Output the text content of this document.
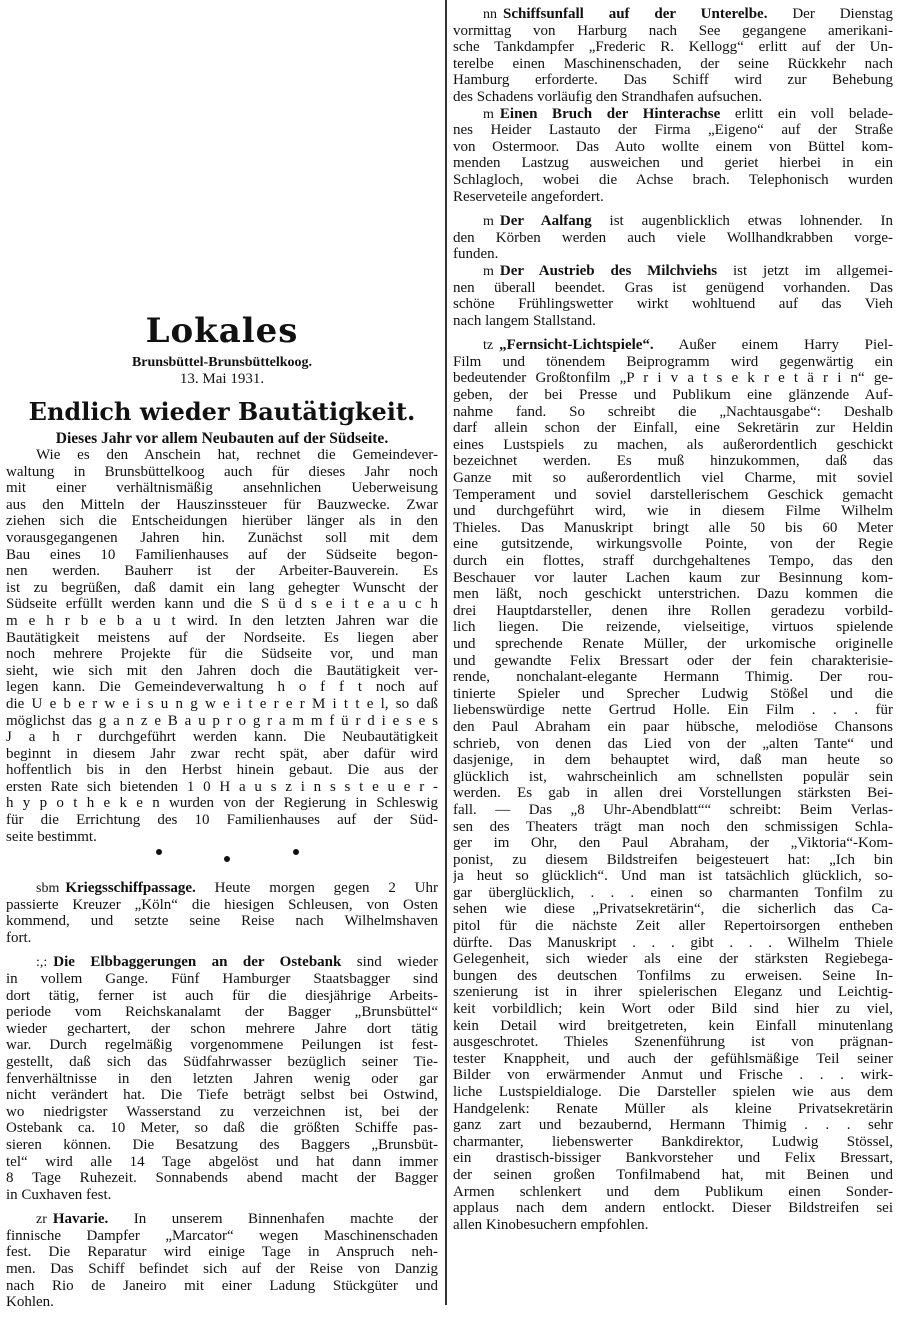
Lokales
Brunsbüttel-Brunsbüttelkoog.
13. Mai 1931.
Endlich wieder Bautätigkeit.
Dieses Jahr vor allem Neubauten auf der Südseite.
Wie es den Anschein hat, rechnet die Gemeindever-
waltung in Brunsbüttelkoog auch für dieses Jahr noch
mit einer verhältnismäßig ansehnlichen Ueberweisung
aus den Mitteln der Hauszinssteuer für Bauzwecke. Zwar
ziehen sich die Entscheidungen hierüber länger als in den
vorausgegangenen Jahren hin. Zunächst soll mit dem
Bau eines 10 Familienhauses auf der Südseite begon-
nen werden. Bauherr ist der Arbeiter-Bauverein. Es
ist zu begrüßen, daß damit ein lang gehegter Wunscht der
Südseite erfüllt werden kann und die S ü d s e i t e a u c h
m e h r b e b a u t wird. In den letzten Jahren war die
Bautätigkeit meistens auf der Nordseite. Es liegen aber
noch mehrere Projekte für die Südseite vor, und man
sieht, wie sich mit den Jahren doch die Bautätigkeit ver-
legen kann. Die Gemeindeverwaltung h o f f t noch auf
die U e b e r w e i s u n g w e i t e r e r M i t t e l, so daß
möglichst das g a n z e B a u p r o g r a m m f ü r d i e s e s
J a h r durchgeführt werden kann. Die Neubautätigkeit
beginnt in diesem Jahr zwar recht spät, aber dafür wird
hoffentlich bis in den Herbst hinein gebaut. Die aus der
ersten Rate sich bietenden 1 0 H a u s z i n s s t e u e r -
h y p o t h e k e n wurden von der Regierung in Schleswig
für die Errichtung des 10 Familienhauses auf der Süd-
seite bestimmt.
sbm Kriegsschiffpassage. Heute morgen gegen 2 Uhr
passierte Kreuzer „Köln“ die hiesigen Schleusen, von Osten
kommend, und setzte seine Reise nach Wilhelmshaven
fort.
:,: Die Elbbaggerungen an der Ostebank sind wieder
in vollem Gange. Fünf Hamburger Staatsbagger sind
dort tätig, ferner ist auch für die diesjährige Arbeits-
periode vom Reichskanalamt der Bagger „Brunsbüttel“
wieder gechartert, der schon mehrere Jahre dort tätig
war. Durch regelmäßig vorgenommene Peilungen ist fest-
gestellt, daß sich das Südfahrwasser bezüglich seiner Tie-
fenverhältnisse in den letzten Jahren wenig oder gar
nicht verändert hat. Die Tiefe beträgt selbst bei Ostwind,
wo niedrigster Wasserstand zu verzeichnen ist, bei der
Ostebank ca. 10 Meter, so daß die größten Schiffe pas-
sieren können. Die Besatzung des Baggers „Brunsbüt-
tel“ wird alle 14 Tage abgelöst und hat dann immer
8 Tage Ruhezeit. Sonnabends abend macht der Bagger
in Cuxhaven fest.
zr Havarie. In unserem Binnenhafen machte der
finnische Dampfer „Marcator“ wegen Maschinenschaden
fest. Die Reparatur wird einige Tage in Anspruch neh-
men. Das Schiff befindet sich auf der Reise von Danzig
nach Rio de Janeiro mit einer Ladung Stückgüter und
Kohlen.
nn Schiffsunfall auf der Unterelbe. Der Dienstag
vormittag von Harburg nach See gegangene amerikani-
sche Tankdampfer „Frederic R. Kellogg“ erlitt auf der Un-
terelbe einen Maschinenschaden, der seine Rückkehr nach
Hamburg erforderte. Das Schiff wird zur Behebung
des Schadens vorläufig den Strandhafen aufsuchen.
m Einen Bruch der Hinterachse erlitt ein voll belade-
nes Heider Lastauto der Firma „Eigeno“ auf der Straße
von Ostermoor. Das Auto wollte einem von Büttel kom-
menden Lastzug ausweichen und geriet hierbei in ein
Schlagloch, wobei die Achse brach. Telephonisch wurden
Reserveteile angefordert.
m Der Aalfang ist augenblicklich etwas lohnender. In
den Körben werden auch viele Wollhandkrabben vorge-
funden.
m Der Austrieb des Milchviehs ist jetzt im allgemei-
nen überall beendet. Gras ist genügend vorhanden. Das
schöne Frühlingswetter wirkt wohltuend auf das Vieh
nach langem Stallstand.
tz „Fernsicht-Lichtspiele“. Außer einem Harry Piel-
Film und tönendem Beiprogramm wird gegenwärtig ein
bedeutender Großtonfilm „P r i v a t s e k r e t ä r i n“ ge-
geben, der bei Presse und Publikum eine glänzende Auf-
nahme fand. So schreibt die „Nachtausgabe“: Deshalb
darf allein schon der Einfall, eine Sekretärin zur Heldin
eines Lustspiels zu machen, als außerordentlich geschickt
bezeichnet werden. Es muß hinzukommen, daß das
Ganze mit so außerordentlich viel Charme, mit soviel
Temperament und soviel darstellerischem Geschick gemacht
und durchgeführt wird, wie in diesem Filme Wilhelm
Thieles. Das Manuskript bringt alle 50 bis 60 Meter
eine gutsitzende, wirkungsvolle Pointe, von der Regie
durch ein flottes, straff durchgehaltenes Tempo, das den
Beschauer vor lauter Lachen kaum zur Besinnung kom-
men läßt, noch geschickt unterstrichen. Dazu kommen die
drei Hauptdarsteller, denen ihre Rollen geradezu vorbild-
lich liegen. Die reizende, vielseitige, virtuos spielende
und sprechende Renate Müller, der urkomische originelle
und gewandte Felix Bressart oder der fein charakterisie-
rende, nonchalant-elegante Hermann Thimig. Der rou-
tinierte Spieler und Sprecher Ludwig Stößel und die
liebenswürdige nette Gertrud Holle. Ein Film . . . für
den Paul Abraham ein paar hübsche, melodiöse Chansons
schrieb, von denen das Lied von der „alten Tante“ und
dasjenige, in dem behauptet wird, daß man heute so
glücklich ist, wahrscheinlich am schnellsten populär sein
werden. Es gab in allen drei Vorstellungen stärksten Bei-
fall. — Das „8 Uhr-Abendblatt““ schreibt: Beim Verlas-
sen des Theaters trägt man noch den schmissigen Schla-
ger im Ohr, den Paul Abraham, der „Viktoria“-Kom-
ponist, zu diesem Bildstreifen beigesteuert hat: „Ich bin
ja heut so glücklich“. Und man ist tatsächlich glücklich, so-
gar überglücklich, . . . einen so charmanten Tonfilm zu
sehen wie diese „Privatsekretärin“, die sicherlich das Ca-
pitol für die nächste Zeit aller Repertoirsorgen entheben
dürfte. Das Manuskript . . . gibt . . . Wilhelm Thiele
Gelegenheit, sich wieder als eine der stärksten Regiebega-
bungen des deutschen Tonfilms zu erweisen. Seine In-
szenierung ist in ihrer spielerischen Eleganz und Leichtig-
keit vorbildlich; kein Wort oder Bild sind hier zu viel,
kein Detail wird breitgetreten, kein Einfall minutenlang
ausgeschrotet. Thieles Szenenführung ist von prägnan-
tester Knappheit, und auch der gefühlsmäßige Teil seiner
Bilder von erwärmender Anmut und Frische . . . wirk-
liche Lustspieldialoge. Die Darsteller spielen wie aus dem
Handgelenk: Renate Müller als kleine Privatsekretärin
ganz zart und bezaubernd, Hermann Thimig . . . sehr
charmanter, liebenswerter Bankdirektor, Ludwig Stössel,
ein drastisch-bissiger Bankvorsteher und Felix Bressart,
der seinen großen Tonfilmabend hat, mit Beinen und
Armen schlenkert und dem Publikum einen Sonder-
applaus nach dem andern entlockt. Dieser Bildstreifen sei
allen Kinobesuchern empfohlen.
